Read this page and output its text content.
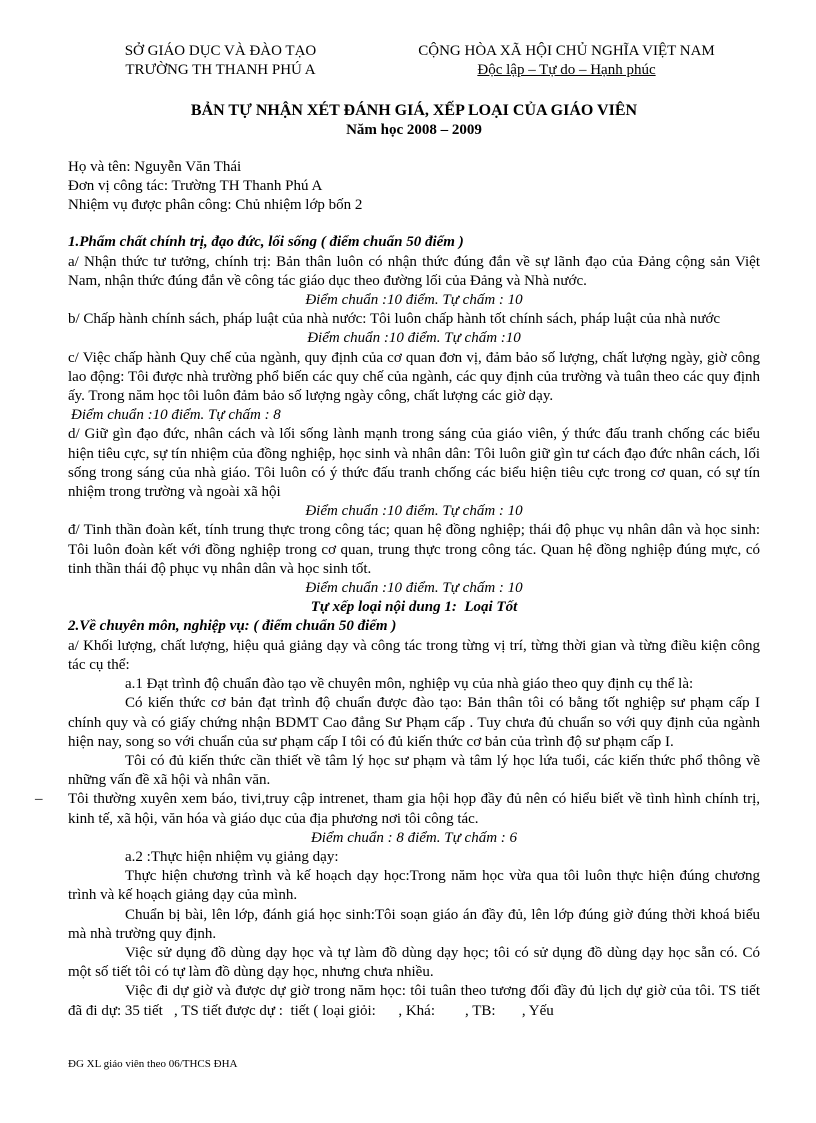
SỞ GIÁO DỤC VÀ ĐÀO TẠO
TRƯỜNG TH THANH PHÚ A
CỘNG HÒA XÃ HỘI CHỦ NGHĨA VIỆT NAM
Độc lập – Tự do – Hạnh phúc
BẢN TỰ NHẬN XÉT ĐÁNH GIÁ, XẾP LOẠI CỦA GIÁO VIÊN
Năm học 2008 – 2009
Họ và tên: Nguyễn Văn Thái
Đơn vị công tác: Trường TH Thanh Phú A
Nhiệm vụ được phân công: Chủ nhiệm lớp bốn 2

1.Phẩm chất chính trị, đạo đức, lối sống ( điểm chuẩn 50 điểm )

a/ Nhận thức tư tưởng, chính trị: Bản thân luôn có nhận thức đúng đắn về sự lãnh đạo của Đảng cộng sản Việt Nam, nhận thức đúng đắn về công tác giáo dục theo đường lối của Đảng và Nhà nước.

Điểm chuẩn :10 điểm. Tự chấm : 10

b/ Chấp hành chính sách, pháp luật của nhà nước: Tôi luôn chấp hành tốt chính sách, pháp luật của nhà nước

Điểm chuẩn :10 điểm. Tự chấm :10

c/ Việc chấp hành Quy chế của ngành, quy định của cơ quan đơn vị, đảm bảo số lượng, chất lượng ngày, giờ công lao động: Tôi được nhà trường phổ biến các quy chế của ngành, các quy định của trường và tuân theo các quy định ấy. Trong năm học tôi luôn đảm bảo số lượng ngày công, chất lượng các giờ dạy.

Điểm chuẩn :10 điểm. Tự chấm : 8

d/ Giữ gìn đạo đức, nhân cách và lối sống lành mạnh trong sáng của giáo viên, ý thức đấu tranh chống các biểu hiện tiêu cực, sự tín nhiệm của đồng nghiệp, học sinh và nhân dân: Tôi luôn giữ gìn tư cách đạo đức nhân cách, lối sống trong sáng của nhà giáo. Tôi luôn có ý thức đấu tranh chống các biểu hiện tiêu cực trong cơ quan, có sự tín nhiệm trong trường và ngoài xã hội

Điểm chuẩn :10 điểm. Tự chấm : 10

đ/ Tinh thần đoàn kết, tính trung thực trong công tác; quan hệ đồng nghiệp; thái độ phục vụ nhân dân và học sinh: Tôi luôn đoàn kết với đồng nghiệp trong cơ quan, trung thực trong công tác. Quan hệ đồng nghiệp đúng mực, có tinh thần thái độ phục vụ nhân dân và học sinh tốt.

Điểm chuẩn :10 điểm. Tự chấm : 10

Tự xếp loại nội dung 1:  Loại Tốt

2.Về chuyên môn, nghiệp vụ: ( điểm chuẩn 50 điểm )

a/ Khối lượng, chất lượng, hiệu quả giảng dạy và công tác trong từng vị trí, từng thời gian và từng điều kiện công tác cụ thể:

a.1 Đạt trình độ chuẩn đào tạo về chuyên môn, nghiệp vụ của nhà giáo theo quy định cụ thể là:

Có kiến thức cơ bản đạt trình độ chuẩn được đào tạo: Bản thân tôi có bằng tốt nghiệp sư phạm cấp I chính quy và có giấy chứng nhận BDMT Cao đẳng Sư Phạm cấp . Tuy chưa đủ chuẩn so với quy định của ngành hiện nay, song so với chuẩn của sư phạm cấp I tôi có đủ kiến thức cơ bản của trình độ sư phạm cấp I.

Tôi có đủ kiến thức cần thiết về tâm lý học sư phạm và tâm lý học lứa tuổi, các kiến thức phổ thông về những vấn đề xã hội và nhân văn.

– Tôi thường xuyên xem báo, tivi,truy cập intrenet, tham gia hội họp đầy đủ nên có hiểu biết về tình hình chính trị, kinh tế, xã hội, văn hóa và giáo dục của địa phương nơi tôi công tác.

Điểm chuẩn : 8 điểm. Tự chấm : 6

a.2 :Thực hiện nhiệm vụ giảng dạy:

Thực hiện chương trình và kế hoạch dạy học:Trong năm học vừa qua tôi luôn thực hiện đúng chương trình và kế hoạch giảng dạy của mình.

Chuẩn bị bài, lên lớp, đánh giá học sinh:Tôi soạn giáo án đầy đủ, lên lớp đúng giờ đúng thời khoá biểu mà nhà trường quy định.

Việc sử dụng đồ dùng dạy học và tự làm đồ dùng dạy học; tôi có sử dụng đồ dùng dạy học sẵn có. Có một số tiết tôi có tự làm đồ dùng dạy học, nhưng chưa nhiều.

Việc đi dự giờ và được dự giờ trong năm học: tôi tuân theo tương đối đầy đủ lịch dự giờ của tôi. TS tiết đã đi dự: 35 tiết   , TS tiết được dự :  tiết ( loại giỏi:      , Khá:        , TB:       , Yếu

ĐG XL giáo viên theo 06/THCS ĐHA
